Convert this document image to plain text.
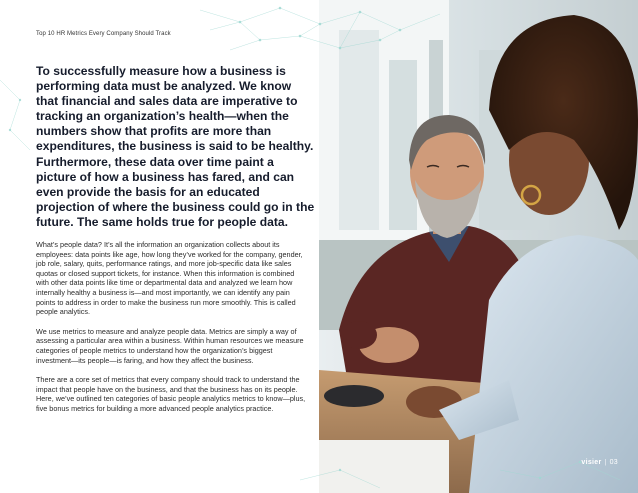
Top 10 HR Metrics Every Company Should Track
To successfully measure how a business is performing data must be analyzed. We know that financial and sales data are imperative to tracking an organization’s health—when the numbers show that profits are more than expenditures, the business is said to be healthy. Furthermore, these data over time paint a picture of how a business has fared, and can even provide the basis for an educated projection of where the business could go in the future. The same holds true for people data.

What’s people data? It’s all the information an organization collects about its employees: data points like age, how long they’ve worked for the company, gender, job role, salary, quits, performance ratings, and more job-specific data like sales quotas or closed support tickets, for instance. When this information is combined with other data points like time or departmental data and analyzed we learn how internally healthy a business is—and most importantly, we can identify any pain points to address in order to make the business run more smoothly. This is called people analytics.

We use metrics to measure and analyze people data. Metrics are simply a way of assessing a particular area within a business. Within human resources we measure categories of people metrics to understand how the organization’s biggest investment—its people—is faring, and how they affect the business.

There are a core set of metrics that every company should track to understand the impact that people have on the business, and that the business has on its people. Here, we’ve outlined ten categories of basic people analytics metrics to know—plus, five bonus metrics for building a more advanced people analytics practice.

visier | 03
